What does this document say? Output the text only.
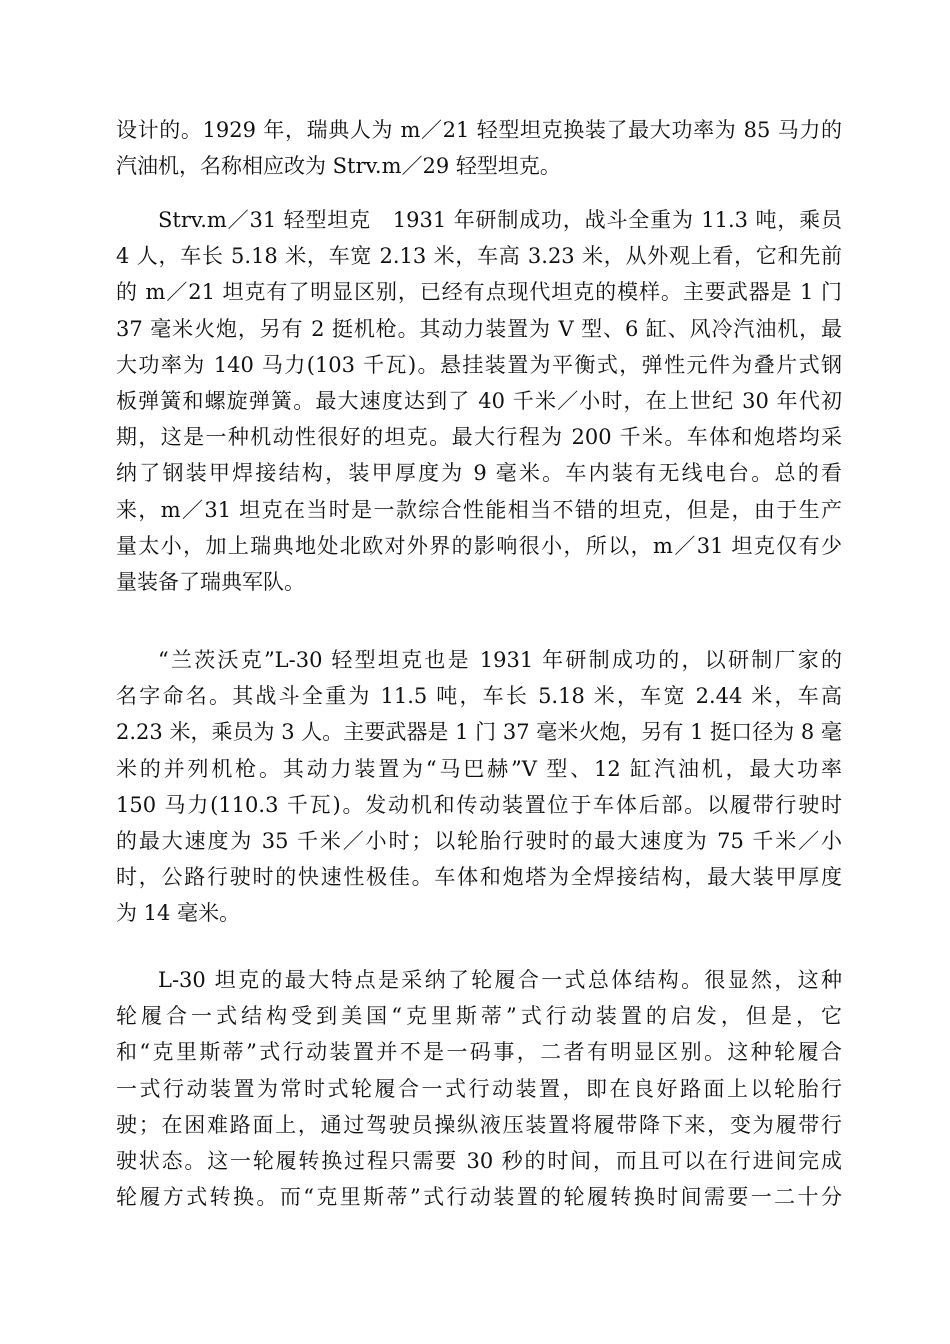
设计的。1929 年，瑞典人为 m／21 轻型坦克换装了最大功率为 85 马力的
汽油机，名称相应改为 Strv.m／29 轻型坦克。
Strv.m／31 轻型坦克　1931 年研制成功，战斗全重为 11.3 吨，乘员
4 人，车长 5.18 米，车宽 2.13 米，车高 3.23 米，从外观上看，它和先前
的 m／21 坦克有了明显区别，已经有点现代坦克的模样。主要武器是 1 门
37 毫米火炮，另有 2 挺机枪。其动力装置为 V 型、6 缸、风冷汽油机，最
大功率为 140 马力(103 千瓦)。悬挂装置为平衡式，弹性元件为叠片式钢
板弹簧和螺旋弹簧。最大速度达到了 40 千米／小时，在上世纪 30 年代初
期，这是一种机动性很好的坦克。最大行程为 200 千米。车体和炮塔均采
纳了钢装甲焊接结构，装甲厚度为 9 毫米。车内装有无线电台。总的看
来，m／31 坦克在当时是一款综合性能相当不错的坦克，但是，由于生产
量太小，加上瑞典地处北欧对外界的影响很小，所以，m／31 坦克仅有少
量装备了瑞典军队。
“兰茨沃克”L-30 轻型坦克也是 1931 年研制成功的，以研制厂家的
名字命名。其战斗全重为 11.5 吨，车长 5.18 米，车宽 2.44 米，车高
2.23 米，乘员为 3 人。主要武器是 1 门 37 毫米火炮，另有 1 挺口径为 8 毫
米的并列机枪。其动力装置为“马巴赫”V 型、12 缸汽油机，最大功率
150 马力(110.3 千瓦)。发动机和传动装置位于车体后部。以履带行驶时
的最大速度为 35 千米／小时；以轮胎行驶时的最大速度为 75 千米／小
时，公路行驶时的快速性极佳。车体和炮塔为全焊接结构，最大装甲厚度
为 14 毫米。
L-30 坦克的最大特点是采纳了轮履合一式总体结构。很显然，这种
轮履合一式结构受到美国“克里斯蒂”式行动装置的启发，但是，它
和“克里斯蒂”式行动装置并不是一码事，二者有明显区别。这种轮履合
一式行动装置为常时式轮履合一式行动装置，即在良好路面上以轮胎行
驶；在困难路面上，通过驾驶员操纵液压装置将履带降下来，变为履带行
驶状态。这一轮履转换过程只需要 30 秒的时间，而且可以在行进间完成
轮履方式转换。而“克里斯蒂”式行动装置的轮履转换时间需要一二十分
